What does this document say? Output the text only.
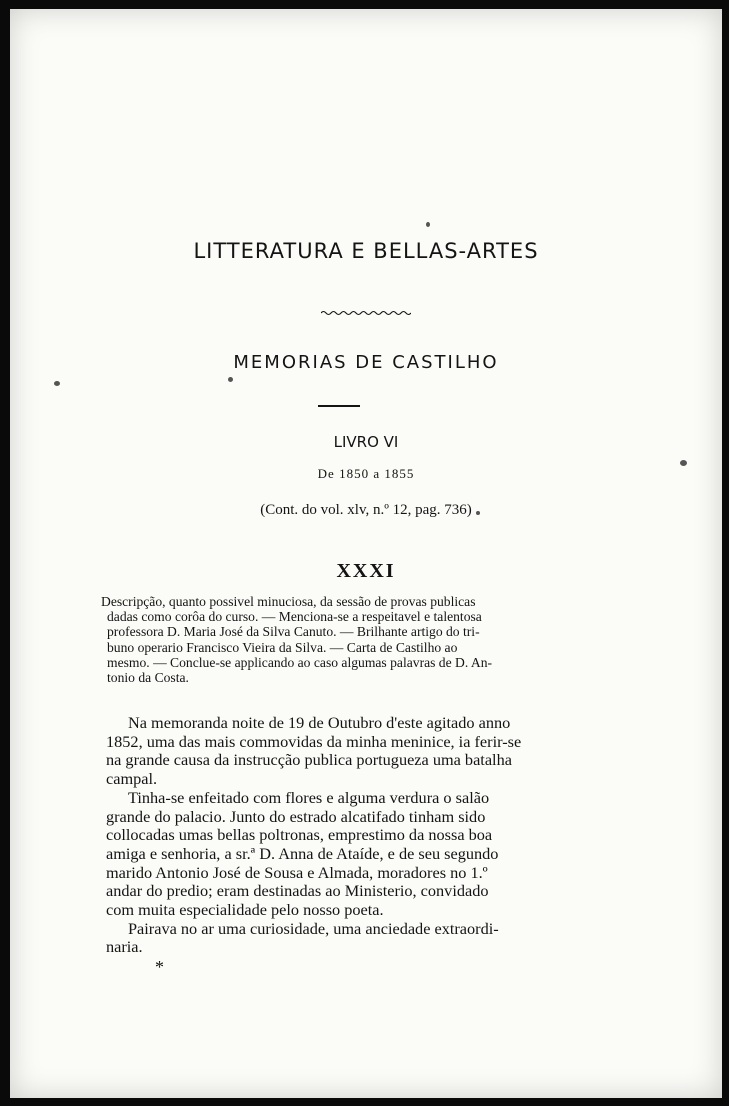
LITTERATURA E BELLAS-ARTES
MEMORIAS DE CASTILHO
LIVRO VI
De 1850 a 1855
(Cont. do vol. xlv, n.º 12, pag. 736)
XXXI
Descripção, quanto possivel minuciosa, da sessão de provas publicas
dadas como corôa do curso. — Menciona-se a respeitavel e talentosa
professora D. Maria José da Silva Canuto. — Brilhante artigo do tri-
buno operario Francisco Vieira da Silva. — Carta de Castilho ao
mesmo. — Conclue-se applicando ao caso algumas palavras de D. An-
tonio da Costa.
Na memoranda noite de 19 de Outubro d'este agitado anno
1852, uma das mais commovidas da minha meninice, ia ferir-se
na grande causa da instrucção publica portugueza uma batalha
campal.
Tinha-se enfeitado com flores e alguma verdura o salão
grande do palacio. Junto do estrado alcatifado tinham sido
collocadas umas bellas poltronas, emprestimo da nossa boa
amiga e senhoria, a sr.ª D. Anna de Ataíde, e de seu segundo
marido Antonio José de Sousa e Almada, moradores no 1.º
andar do predio; eram destinadas ao Ministerio, convidado
com muita especialidade pelo nosso poeta.
Pairava no ar uma curiosidade, uma anciedade extraordi-
naria.
*
